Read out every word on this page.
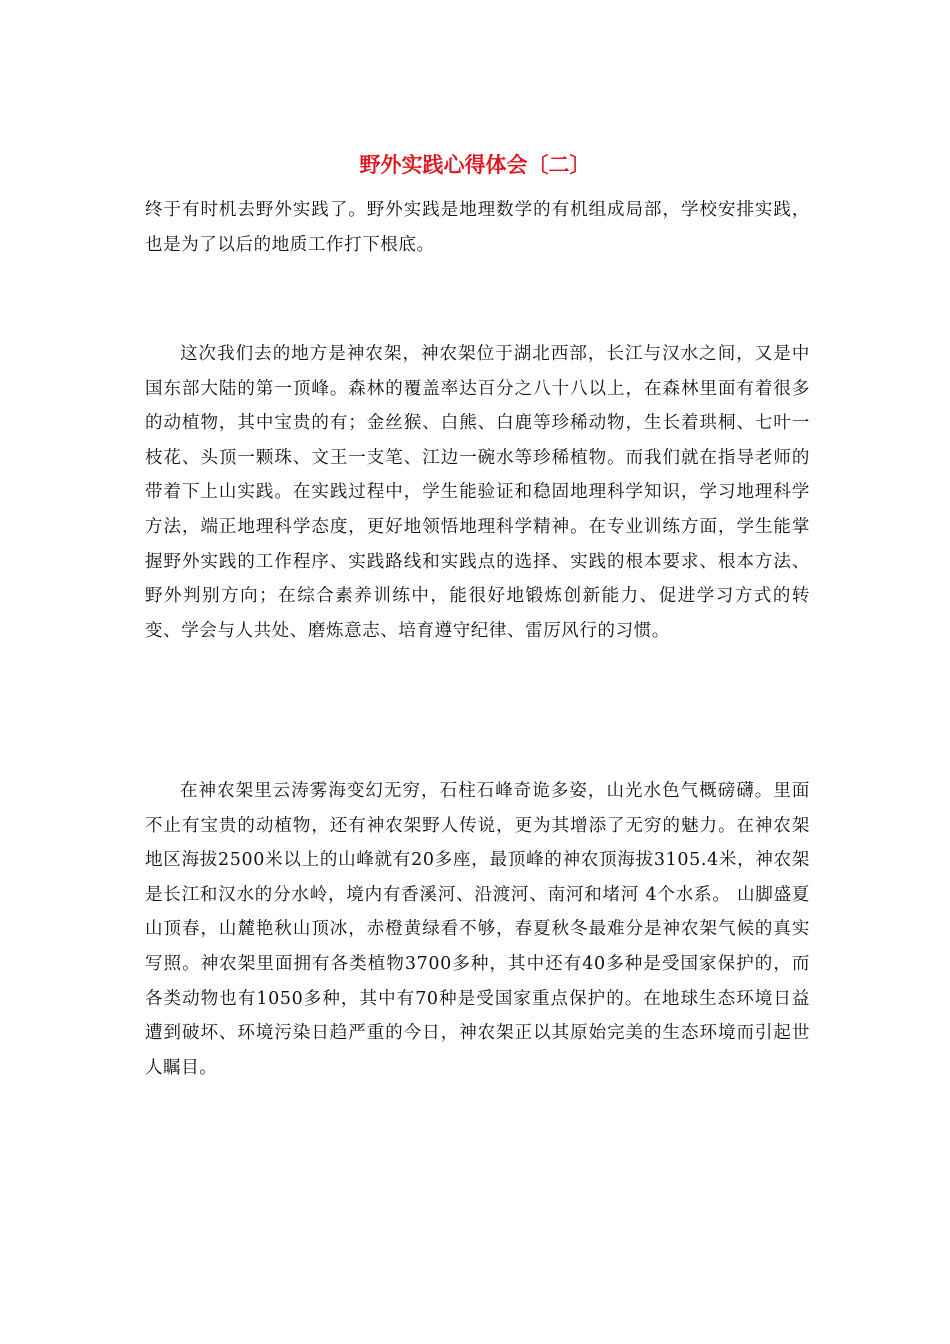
野外实践心得体会〔二〕

终于有时机去野外实践了。野外实践是地理数学的有机组成局部，学校安排实践，也是为了以后的地质工作打下根底。

这次我们去的地方是神农架，神农架位于湖北西部，长江与汉水之间，又是中国东部大陆的第一顶峰。森林的覆盖率达百分之八十八以上，在森林里面有着很多的动植物，其中宝贵的有；金丝猴、白熊、白鹿等珍稀动物，生长着珙桐、七叶一枝花、头顶一颗珠、文王一支笔、江边一碗水等珍稀植物。而我们就在指导老师的带着下上山实践。在实践过程中，学生能验证和稳固地理科学知识，学习地理科学方法，端正地理科学态度，更好地领悟地理科学精神。在专业训练方面，学生能掌握野外实践的工作程序、实践路线和实践点的选择、实践的根本要求、根本方法、野外判别方向；在综合素养训练中，能很好地锻炼创新能力、促进学习方式的转变、学会与人共处、磨炼意志、培育遵守纪律、雷厉风行的习惯。

在神农架里云涛雾海变幻无穷，石柱石峰奇诡多姿，山光水色气概磅礴。里面不止有宝贵的动植物，还有神农架野人传说，更为其增添了无穷的魅力。在神农架地区海拔2500米以上的山峰就有20多座，最顶峰的神农顶海拔3105.4米，神农架是长江和汉水的分水岭，境内有香溪河、沿渡河、南河和堵河 4个水系。 山脚盛夏山顶春，山麓艳秋山顶冰，赤橙黄绿看不够，春夏秋冬最难分是神农架气候的真实写照。神农架里面拥有各类植物3700多种，其中还有40多种是受国家保护的，而各类动物也有1050多种，其中有70种是受国家重点保护的。在地球生态环境日益遭到破坏、环境污染日趋严重的今日，神农架正以其原始完美的生态环境而引起世人瞩目。
